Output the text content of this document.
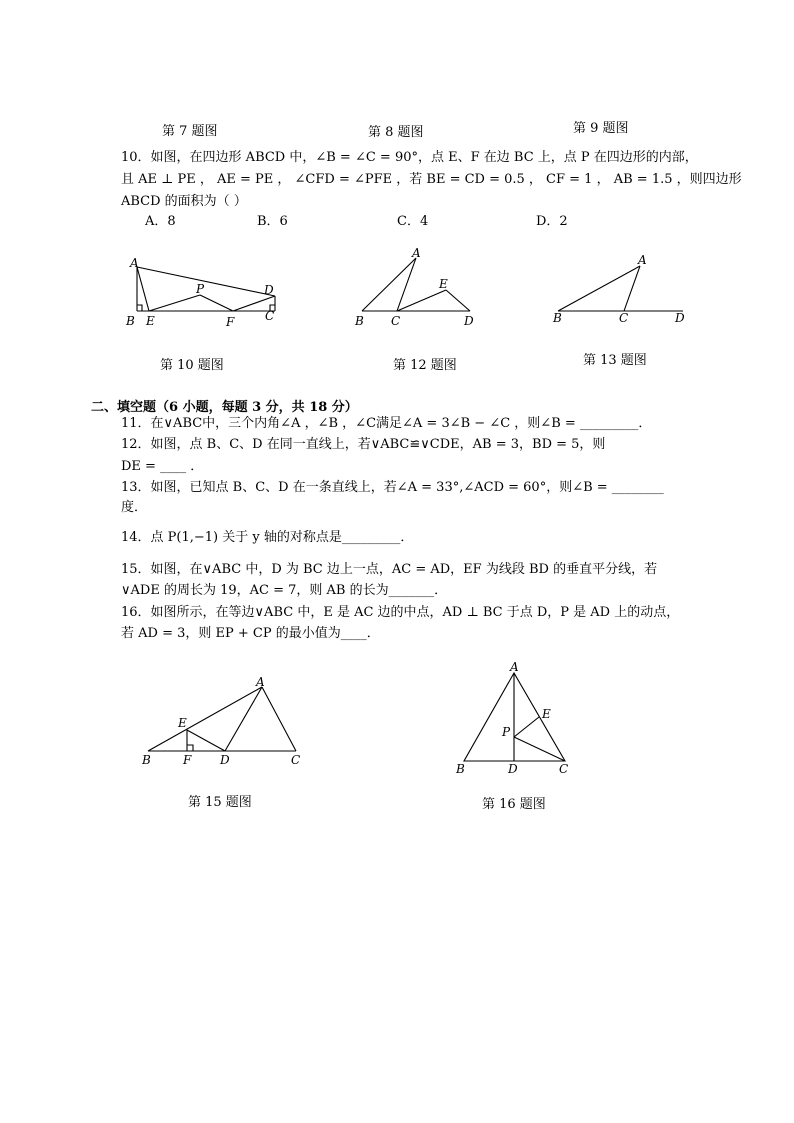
第 7 题图	第 8 题图	第 9 题图
10．如图，在四边形 ABCD 中，∠B = ∠C = 90°，点 E、F 在边 BC 上，点 P 在四边形的内部，
且 AE ⊥ PE ， AE = PE ， ∠CFD = ∠PFE ，若 BE = CD = 0.5 ， CF = 1 ， AB = 1.5 ，则四边形
ABCD 的面积为（ ）
A．8	B．6	C．4	D．2
A
B E
P
F
D
C
A
B C
E
D
A
B	C	D
第 10 题图	第 12 题图	第 13 题图
二、填空题（6 小题，每题 3 分，共 18 分）
11．在∨ABC中，三个内角∠A ，∠B ，∠C满足∠A = 3∠B − ∠C ，则∠B = _________．
12．如图，点 B、C、D 在同一直线上，若∨ABC≌∨CDE，AB = 3，BD = 5，则
DE = ____ ．
13．如图，已知点 B、C、D 在一条直线上，若∠A = 33°,∠ACD = 60°，则∠B = ________
度．
14．点 P(1,−1) 关于 y 轴的对称点是_________．
15．如图，在∨ABC 中，D 为 BC 边上一点，AC = AD，EF 为线段 BD 的垂直平分线，若
∨ADE 的周长为 19，AC = 7，则 AB 的长为_______．
16．如图所示，在等边∨ABC 中，E 是 AC 边的中点，AD ⊥ BC 于点 D，P 是 AD 上的动点，
若 AD = 3，则 EP + CP 的最小值为____．
A
B
E
F D	C
A
B	D	C
P
E
第 15 题图	第 16 题图
